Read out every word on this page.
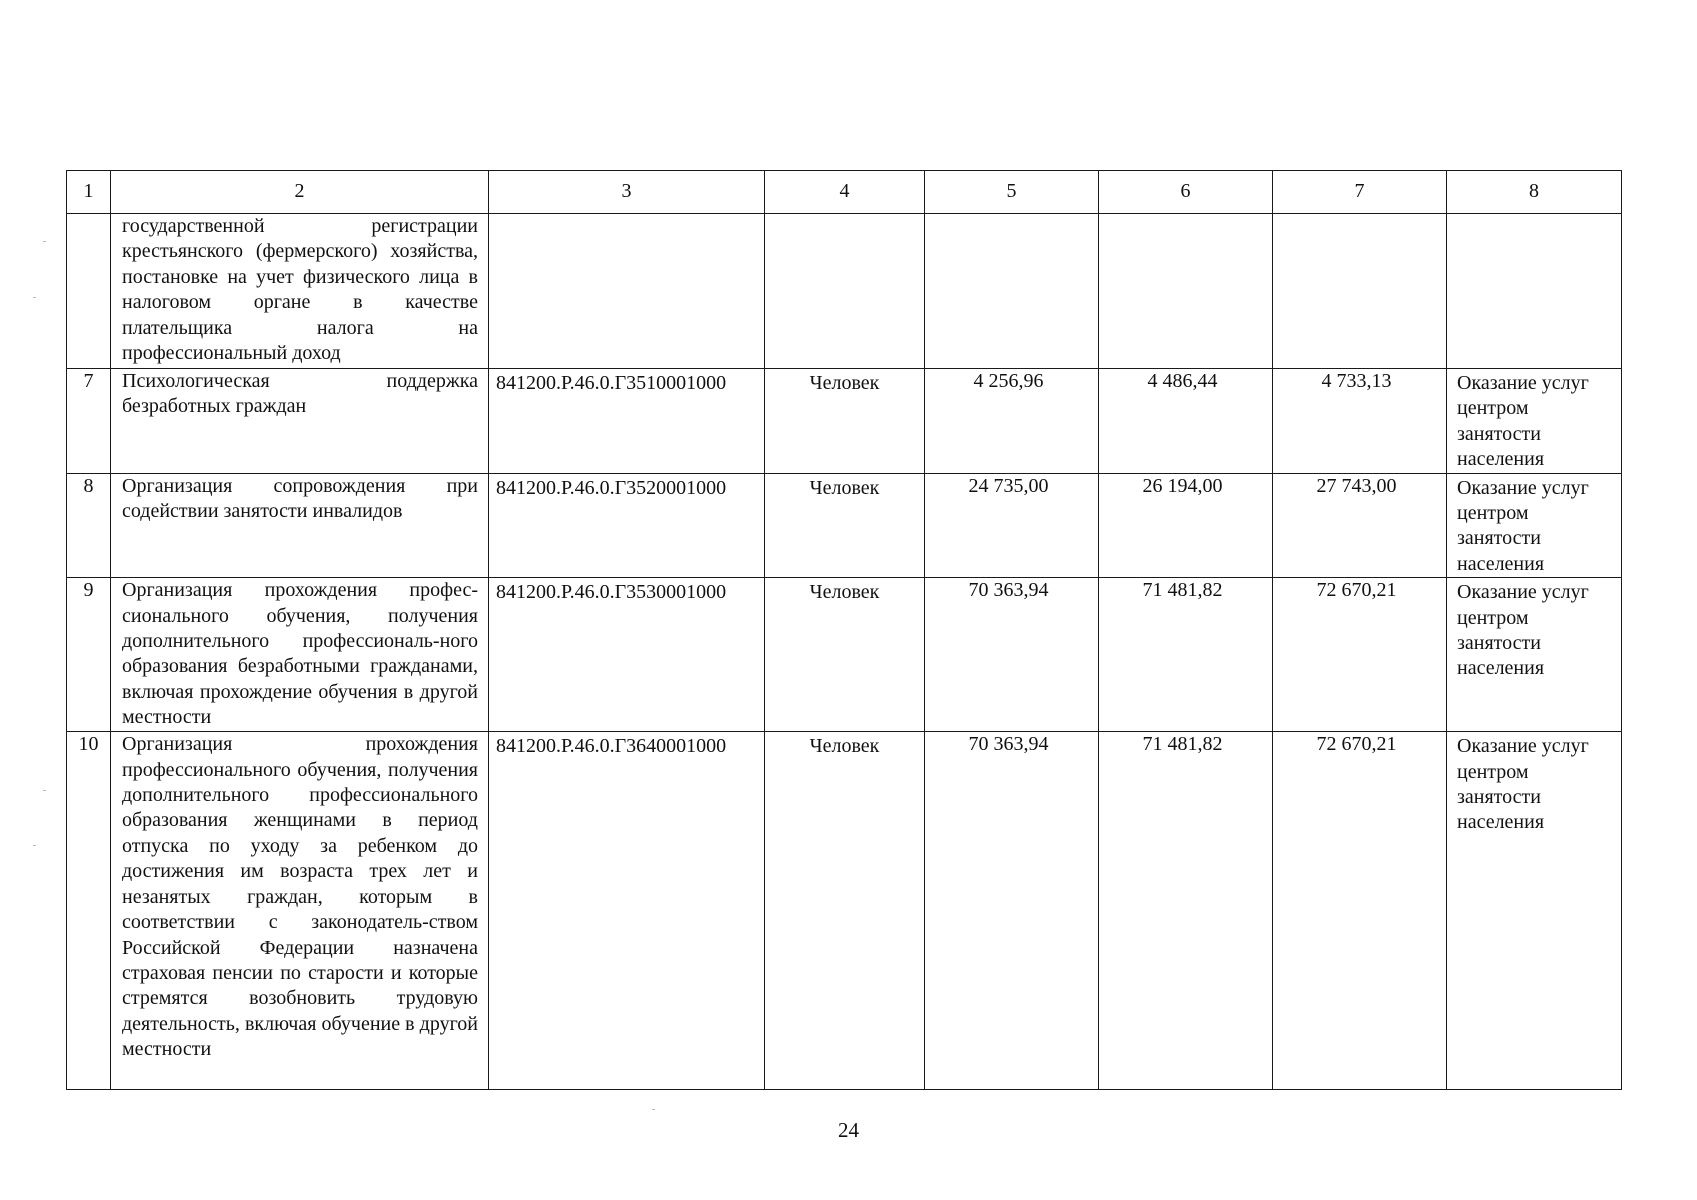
1	2	3	4	5	6	7	8

	государственной регистрации крестьянского (фермерского) хозяйства, постановке на учет физического лица в налоговом органе в качестве плательщика налога на профессиональный доход						

7	Психологическая поддержка безработных граждан	841200.Р.46.0.Г3510001000	Человек	4 256,96	4 486,44	4 733,13	Оказание услуг центром занятости населения
8	Организация сопровождения при содействии занятости инвалидов	841200.Р.46.0.Г3520001000	Человек	24 735,00	26 194,00	27 743,00	Оказание услуг центром занятости населения
9	Организация прохождения профес-сионального обучения, получения дополнительного профессиональ-ного образования безработными гражданами, включая прохождение обучения в другой местности	841200.Р.46.0.Г3530001000	Человек	70 363,94	71 481,82	72 670,21	Оказание услуг центром занятости населения
10	Организация прохождения профессионального обучения, получения дополнительного профессионального образования женщинами в период отпуска по уходу за ребенком до достижения им возраста трех лет и незанятых граждан, которым в соответствии с законодатель-ством Российской Федерации назначена страховая пенсии по старости и которые стремятся возобновить трудовую деятельность, включая обучение в другой местности	841200.Р.46.0.Г3640001000	Человек	70 363,94	71 481,82	72 670,21	Оказание услуг центром занятости населения
24
